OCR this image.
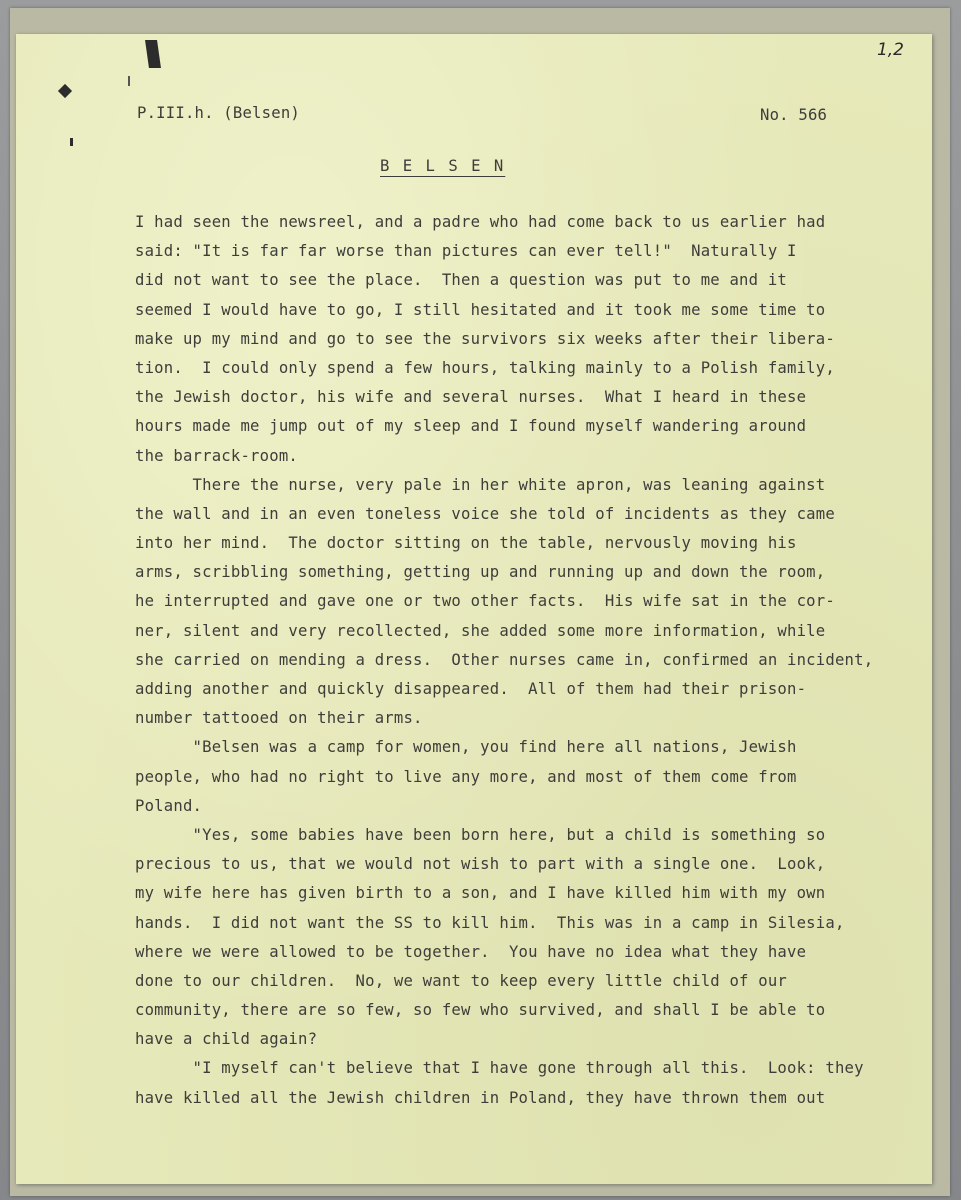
1,2
P.III.h. (Belsen)	No. 566
B E L S E N
I had seen the newsreel, and a padre who had come back to us earlier had
said: "It is far far worse than pictures can ever tell!"  Naturally I
did not want to see the place.  Then a question was put to me and it
seemed I would have to go, I still hesitated and it took me some time to
make up my mind and go to see the survivors six weeks after their libera-
tion.  I could only spend a few hours, talking mainly to a Polish family,
the Jewish doctor, his wife and several nurses.  What I heard in these
hours made me jump out of my sleep and I found myself wandering around
the barrack-room.
There the nurse, very pale in her white apron, was leaning against
the wall and in an even toneless voice she told of incidents as they came
into her mind.  The doctor sitting on the table, nervously moving his
arms, scribbling something, getting up and running up and down the room,
he interrupted and gave one or two other facts.  His wife sat in the cor-
ner, silent and very recollected, she added some more information, while
she carried on mending a dress.  Other nurses came in, confirmed an incident,
adding another and quickly disappeared.  All of them had their prison-
number tattooed on their arms.
"Belsen was a camp for women, you find here all nations, Jewish
people, who had no right to live any more, and most of them come from
Poland.
"Yes, some babies have been born here, but a child is something so
precious to us, that we would not wish to part with a single one.  Look,
my wife here has given birth to a son, and I have killed him with my own
hands.  I did not want the SS to kill him.  This was in a camp in Silesia,
where we were allowed to be together.  You have no idea what they have
done to our children.  No, we want to keep every little child of our
community, there are so few, so few who survived, and shall I be able to
have a child again?
"I myself can't believe that I have gone through all this.  Look: they
have killed all the Jewish children in Poland, they have thrown them out
